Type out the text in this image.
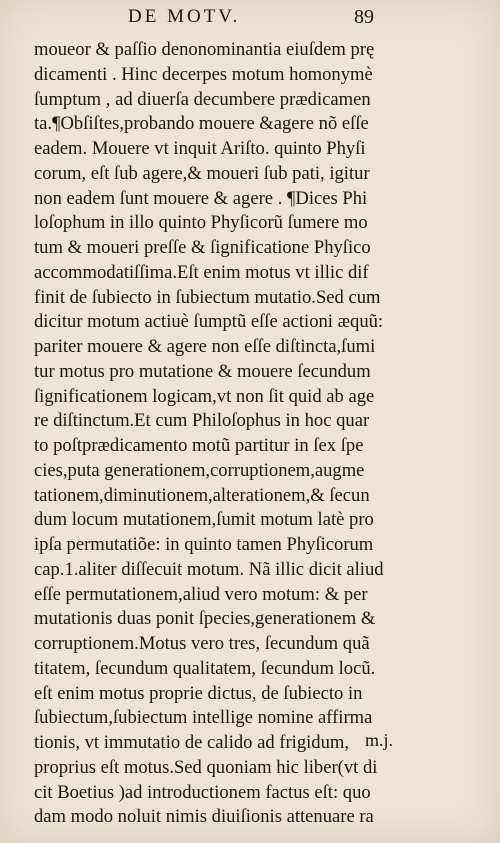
DE MOTV.	89
moueor & paſſio denonominantia eiuſdem prę
dicamenti . Hinc decerpes motum homonymè
ſumptum , ad diuerſa decumbere prædicamen
ta.¶Obſiſtes,probando mouere &agere nõ eſſe
eadem. Mouere vt inquit Ariſto. quinto Phyſi
corum, eſt ſub agere,& moueri ſub pati, igitur
non eadem ſunt mouere & agere . ¶Dices Phi
loſophum in illo quinto Phyſicorũ ſumere mo
tum & moueri preſſe & ſignificatione Phyſico
accommodatiſſima.Eſt enim motus vt illic dif
finit de ſubiecto in ſubiectum mutatio.Sed cum
dicitur motum actiuè ſumptũ eſſe actioni æquũ:
pariter mouere & agere non eſſe diſtincta,ſumi
tur motus pro mutatione & mouere ſecundum
ſignificationem logicam,vt non ſit quid ab age
re diſtinctum.Et cum Philoſophus in hoc quar
to poſtprædicamento motũ partitur in ſex ſpe
cies,puta generationem,corruptionem,augme
tationem,diminutionem,alterationem,& ſecun
dum locum mutationem,ſumit motum latè pro
ipſa permutatiõe: in quinto tamen Phyſicorum
cap.1.aliter diſſecuit motum. Nã illic dicit aliud
eſſe permutationem,aliud vero motum: & per
mutationis duas ponit ſpecies,generationem &
corruptionem.Motus vero tres, ſecundum quã
titatem, ſecundum qualitatem, ſecundum locũ.
eſt enim motus proprie dictus, de ſubiecto in
ſubiectum,ſubiectum intellige nomine affirma
tionis, vt immutatio de calido ad frigidum,
proprius eſt motus.Sed quoniam hic liber(vt di
cit Boetius )ad introductionem factus eſt: quo
dam modo noluit nimis diuiſionis attenuare ra
m.j.
